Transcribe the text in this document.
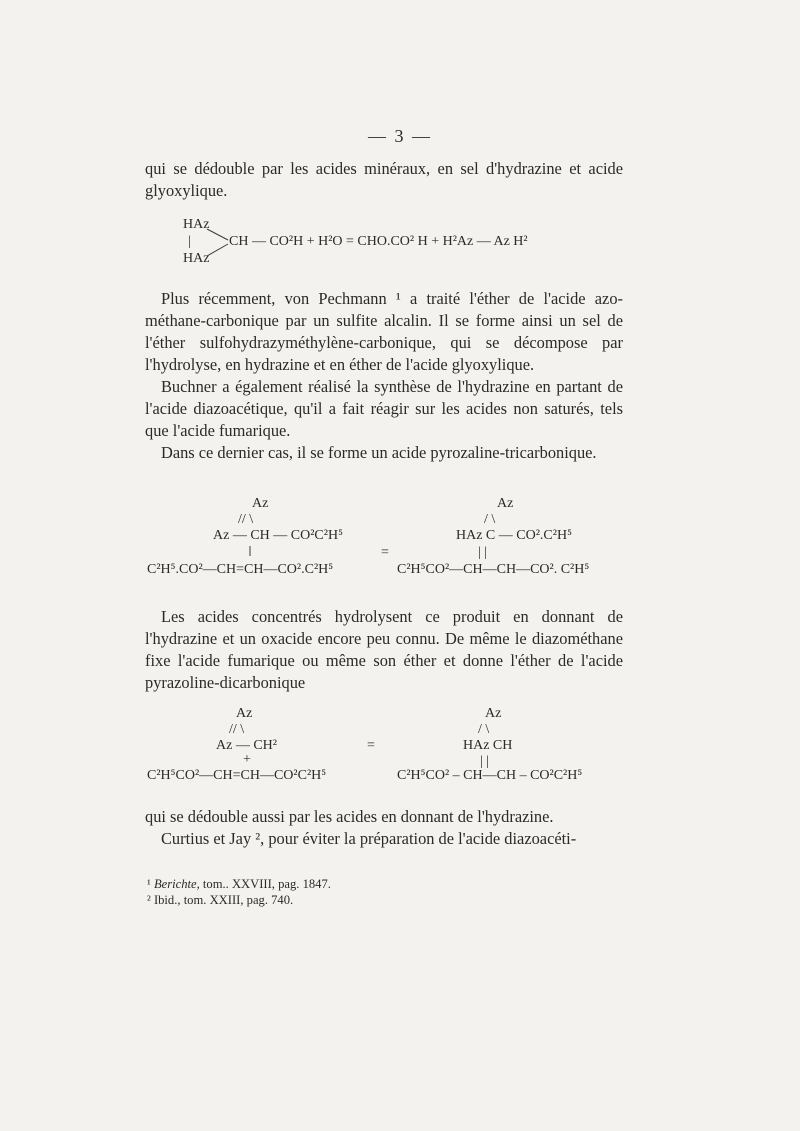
— 3 —

qui se dédouble par les acides minéraux, en sel d'hydrazine et acide glyoxylique.

HAz
|
HAz
CH — CO²H + H²O = CHO.CO² H + H²Az — Az H²

Plus récemment, von Pechmann ¹ a traité l'éther de l'acide azo-méthane-carbonique par un sulfite alcalin. Il se forme ainsi un sel de l'éther sulfohydrazyméthylène-carbonique, qui se décompose par l'hydrolyse, en hydrazine et en éther de l'acide glyoxylique.

Buchner a également réalisé la synthèse de l'hydrazine en partant de l'acide diazoacétique, qu'il a fait réagir sur les acides non saturés, tels que l'acide fumarique.

Dans ce dernier cas, il se forme un acide pyrozaline-tricarbonique.

Az
// \
Az — CH — CO²C²H⁵
C²H⁵.CO²—CH=CH—CO².C²H⁵
=
Az
/ \
HAz C — CO².C²H⁵
| |
C²H⁵CO²—CH—CH—CO². C²H⁵

Les acides concentrés hydrolysent ce produit en donnant de l'hydrazine et un oxacide encore peu connu. De même le diazométhane fixe l'acide fumarique ou même son éther et donne l'éther de l'acide pyrazoline-dicarbonique

Az
// \
Az — CH²
+
C²H⁵CO²—CH=CH—CO²C²H⁵
=
Az
/ \
HAz CH
| |
C²H⁵CO² – CH—CH – CO²C²H⁵

qui se dédouble aussi par les acides en donnant de l'hydrazine.

Curtius et Jay ², pour éviter la préparation de l'acide diazoacéti-

¹ Berichte, tom.. XXVIII, pag. 1847.
² Ibid., tom. XXIII, pag. 740.
